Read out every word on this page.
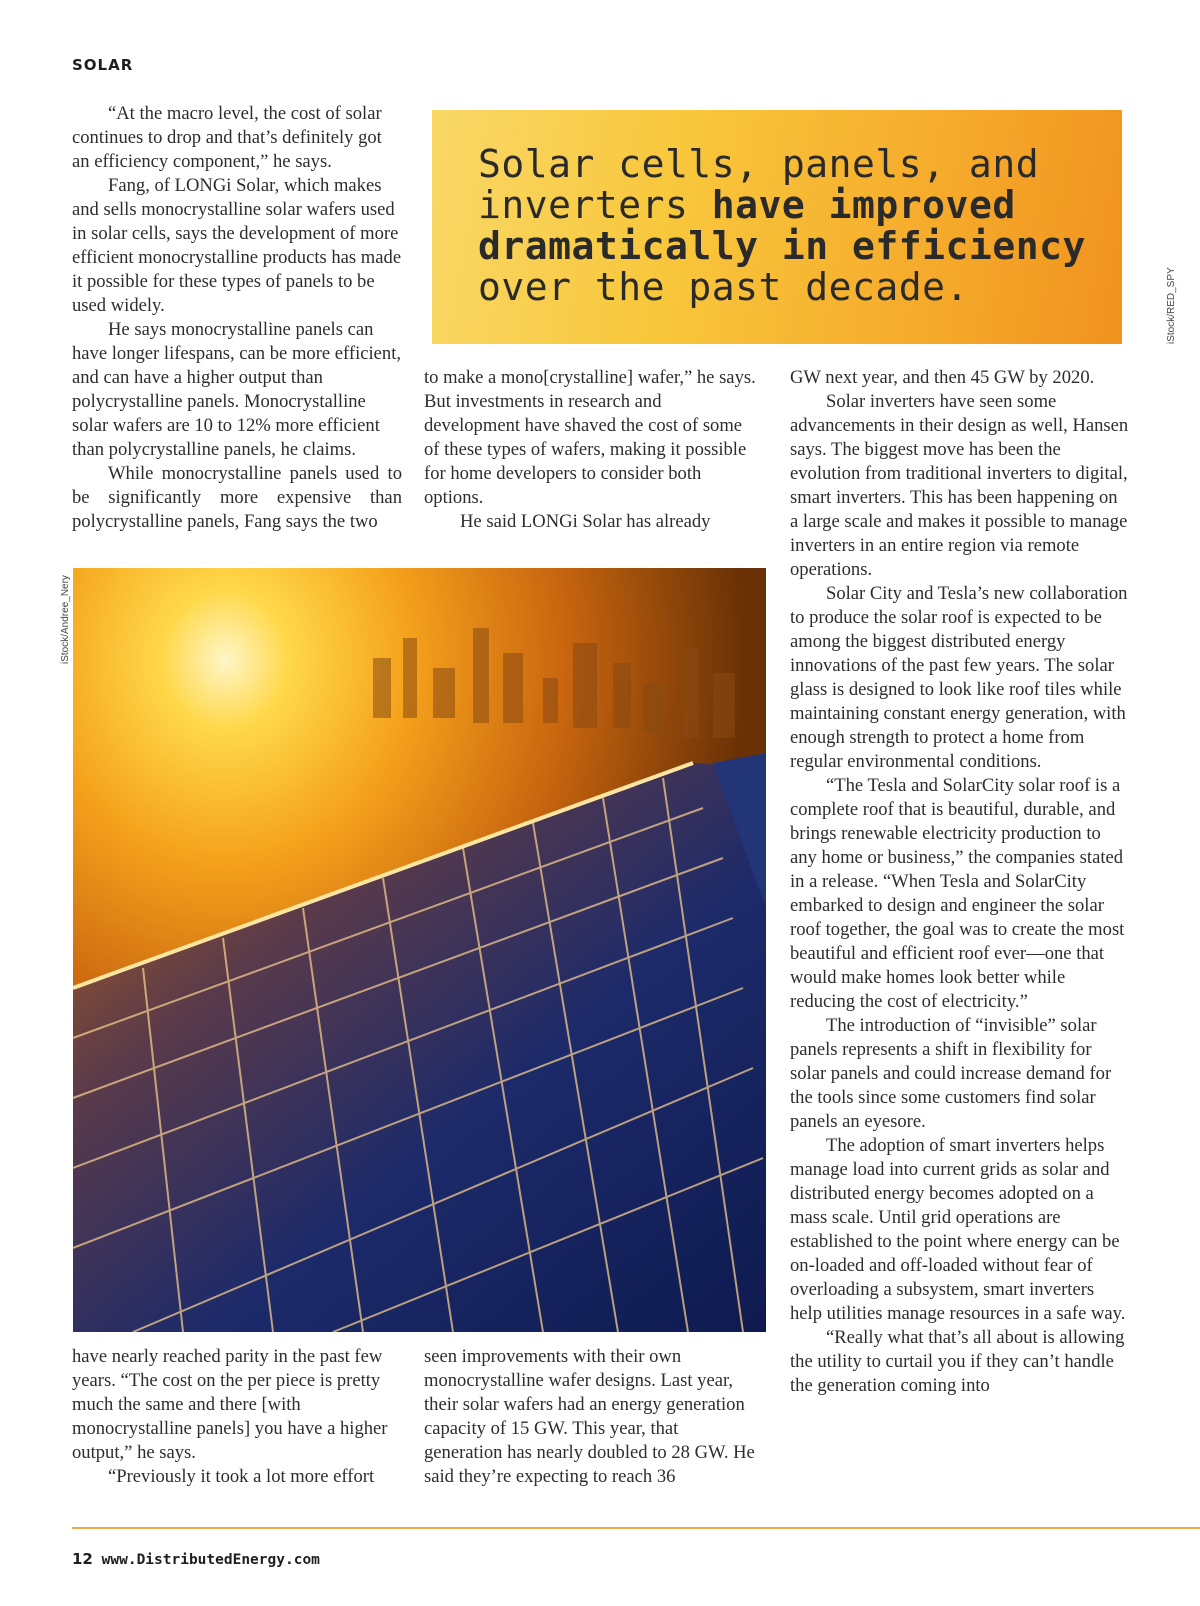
SOLAR

“At the macro level, the cost of solar continues to drop and that’s definitely got an efficiency component,” he says.

Fang, of LONGi Solar, which makes and sells monocrystalline solar wafers used in solar cells, says the development of more efficient monocrystalline products has made it possible for these types of panels to be used widely.

He says monocrystalline panels can have longer lifespans, can be more efficient, and can have a higher output than polycrystalline panels. Monocrystalline solar wafers are 10 to 12% more efficient than polycrystalline panels, he claims.

While monocrystalline panels used to be significantly more expensive than polycrystalline panels, Fang says the two

Solar cells, panels, and inverters have improved dramatically in efficiency over the past decade.	iStock/RED_SPY

to make a mono[crystalline] wafer,” he says. But investments in research and development have shaved the cost of some of these types of wafers, making it possible for home developers to consider both options.

He said LONGi Solar has already

GW next year, and then 45 GW by 2020.

Solar inverters have seen some advancements in their design as well, Hansen says. The biggest move has been the evolution from traditional inverters to digital, smart inverters. This has been happening on a large scale and makes it possible to manage inverters in an entire region via remote operations.

Solar City and Tesla’s new collaboration to produce the solar roof is expected to be among the biggest distributed energy innovations of the past few years. The solar glass is designed to look like roof tiles while maintaining constant energy generation, with enough strength to protect a home from regular environmental conditions.

“The Tesla and SolarCity solar roof is a complete roof that is beautiful, durable, and brings renewable electricity production to any home or business,” the companies stated in a release. “When Tesla and SolarCity embarked to design and engineer the solar roof together, the goal was to create the most beautiful and efficient roof ever—one that would make homes look better while reducing the cost of electricity.”

The introduction of “invisible” solar panels represents a shift in flexibility for solar panels and could increase demand for the tools since some customers find solar panels an eyesore.

The adoption of smart inverters helps manage load into current grids as solar and distributed energy becomes adopted on a mass scale. Until grid operations are established to the point where energy can be on-loaded and off-loaded without fear of overloading a subsystem, smart inverters help utilities manage resources in a safe way.

“Really what that’s all about is allowing the utility to curtail you if they can’t handle the generation coming into

iStock/Andree_Nery

have nearly reached parity in the past few years. “The cost on the per piece is pretty much the same and there [with monocrystalline panels] you have a higher output,” he says.

“Previously it took a lot more effort

seen improvements with their own monocrystalline wafer designs. Last year, their solar wafers had an energy generation capacity of 15 GW. This year, that generation has nearly doubled to 28 GW. He said they’re expecting to reach 36

12 www.DistributedEnergy.com
